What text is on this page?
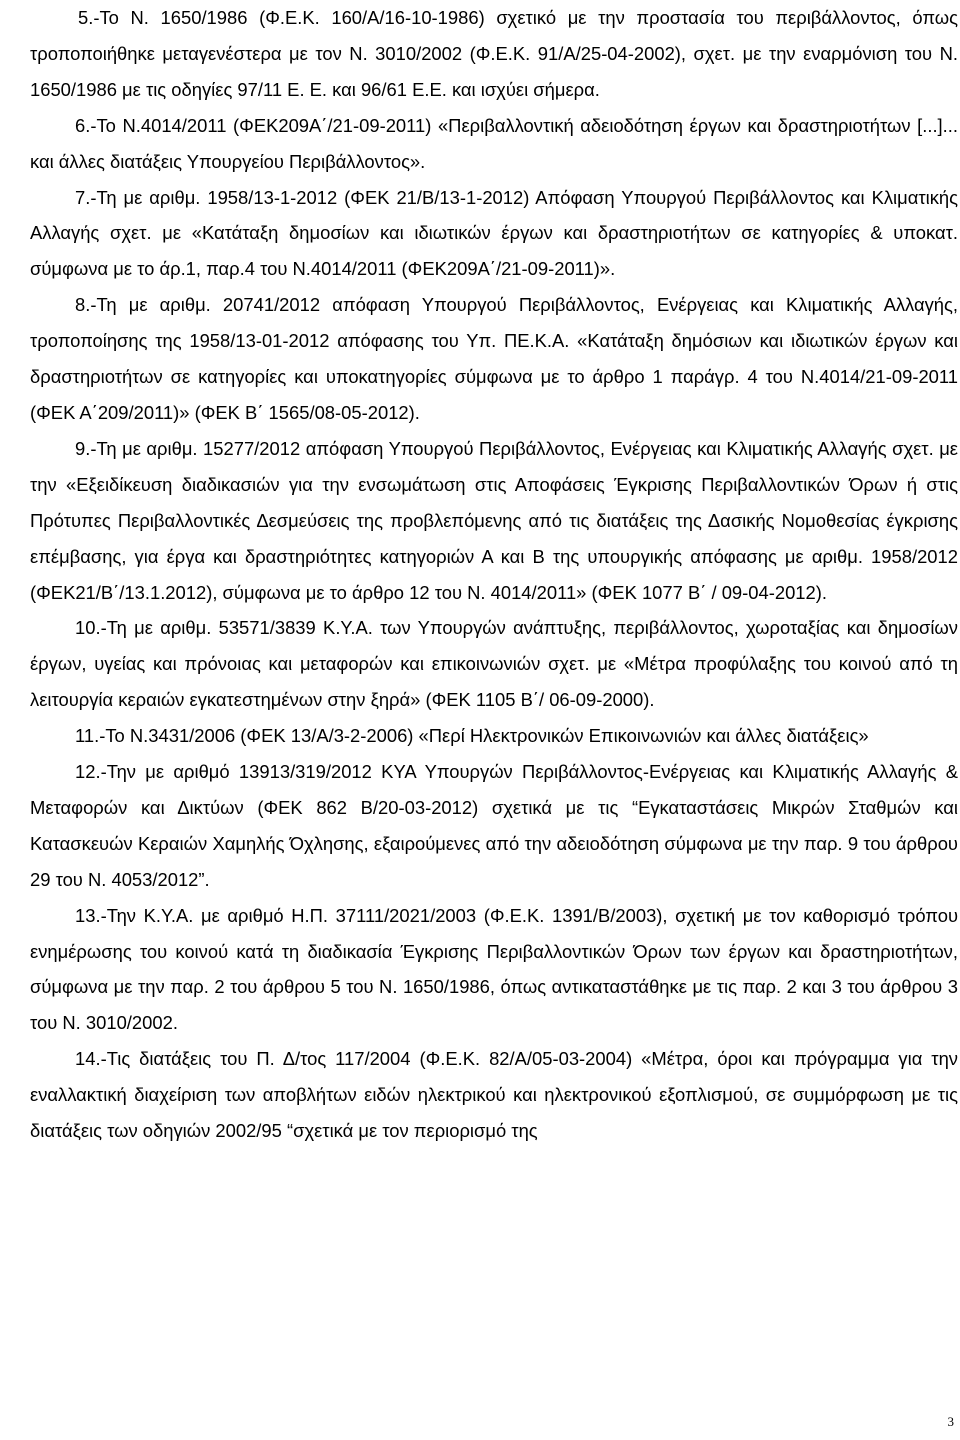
5.-Το Ν. 1650/1986 (Φ.Ε.Κ. 160/Α/16-10-1986) σχετικό με την προστασία του περιβάλλοντος, όπως τροποποιήθηκε μεταγενέστερα με τον Ν. 3010/2002 (Φ.Ε.Κ. 91/Α/25-04-2002), σχετ. με την εναρμόνιση του Ν. 1650/1986 με τις οδηγίες 97/11 Ε. Ε. και 96/61 Ε.Ε. και ισχύει σήμερα.

6.-Το Ν.4014/2011 (ΦΕΚ209Α΄/21-09-2011) «Περιβαλλοντική αδειοδότηση έργων και δραστηριοτήτων [...]... και άλλες διατάξεις Υπουργείου Περιβάλλοντος».

7.-Τη με αριθμ. 1958/13-1-2012 (ΦΕΚ 21/Β/13-1-2012) Απόφαση Υπουργού Περιβάλλοντος και Κλιματικής Αλλαγής σχετ. με «Κατάταξη δημοσίων και ιδιωτικών έργων και δραστηριοτήτων σε κατηγορίες & υποκατ. σύμφωνα με το άρ.1, παρ.4 του Ν.4014/2011 (ΦΕΚ209Α΄/21-09-2011)».

8.-Τη με αριθμ. 20741/2012 απόφαση Υπουργού Περιβάλλοντος, Ενέργειας και Κλιματικής Αλλαγής, τροποποίησης της 1958/13-01-2012 απόφασης του Υπ. ΠΕ.Κ.Α. «Κατάταξη δημόσιων και ιδιωτικών έργων και δραστηριοτήτων σε κατηγορίες και υποκατηγορίες σύμφωνα με το άρθρο 1 παράγρ. 4 του Ν.4014/21-09-2011 (ΦΕΚ Α΄209/2011)» (ΦΕΚ Β΄ 1565/08-05-2012).

9.-Τη με αριθμ. 15277/2012 απόφαση Υπουργού Περιβάλλοντος, Ενέργειας και Κλιματικής Αλλαγής σχετ. με την «Εξειδίκευση διαδικασιών για την ενσωμάτωση στις Αποφάσεις Έγκρισης Περιβαλλοντικών Όρων ή στις Πρότυπες Περιβαλλοντικές Δεσμεύσεις της προβλεπόμενης από τις διατάξεις της Δασικής Νομοθεσίας έγκρισης επέμβασης, για έργα και δραστηριότητες κατηγοριών Α και Β της υπουργικής απόφασης με αριθμ. 1958/2012 (ΦΕΚ21/Β΄/13.1.2012), σύμφωνα με το άρθρο 12 του Ν. 4014/2011» (ΦΕΚ 1077 Β΄ / 09-04-2012).

10.-Τη με αριθμ. 53571/3839 Κ.Υ.Α. των Υπουργών ανάπτυξης, περιβάλλοντος, χωροταξίας και δημοσίων έργων, υγείας και πρόνοιας και μεταφορών και επικοινωνιών σχετ. με «Μέτρα προφύλαξης του κοινού από τη λειτουργία κεραιών εγκατεστημένων στην ξηρά» (ΦΕΚ 1105 Β΄/ 06-09-2000).

11.-Το Ν.3431/2006 (ΦΕΚ 13/Α/3-2-2006) «Περί Ηλεκτρονικών Επικοινωνιών και άλλες διατάξεις»

12.-Την με αριθμό 13913/319/2012 ΚΥΑ Υπουργών Περιβάλλοντος-Ενέργειας και Κλιματικής Αλλαγής & Μεταφορών και Δικτύων (ΦΕΚ 862 Β/20-03-2012) σχετικά με τις “Εγκαταστάσεις Μικρών Σταθμών και Κατασκευών Κεραιών Χαμηλής Όχλησης, εξαιρούμενες από την αδειοδότηση σύμφωνα με την παρ. 9 του άρθρου 29 του Ν. 4053/2012”.

13.-Την Κ.Υ.Α. με αριθμό Η.Π. 37111/2021/2003 (Φ.Ε.Κ. 1391/Β/2003), σχετική με τον καθορισμό τρόπου ενημέρωσης του κοινού κατά τη διαδικασία Έγκρισης Περιβαλλοντικών Όρων των έργων και δραστηριοτήτων, σύμφωνα με την παρ. 2 του άρθρου 5 του Ν. 1650/1986, όπως αντικαταστάθηκε με τις παρ. 2 και 3 του άρθρου 3 του Ν. 3010/2002.

14.-Τις διατάξεις του Π. Δ/τος 117/2004 (Φ.Ε.Κ. 82/Α/05-03-2004) «Μέτρα, όροι και πρόγραμμα για την εναλλακτική διαχείριση των αποβλήτων ειδών ηλεκτρικού και ηλεκτρονικού εξοπλισμού, σε συμμόρφωση με τις διατάξεις των οδηγιών 2002/95 “σχετικά με τον περιορισμό της

3
